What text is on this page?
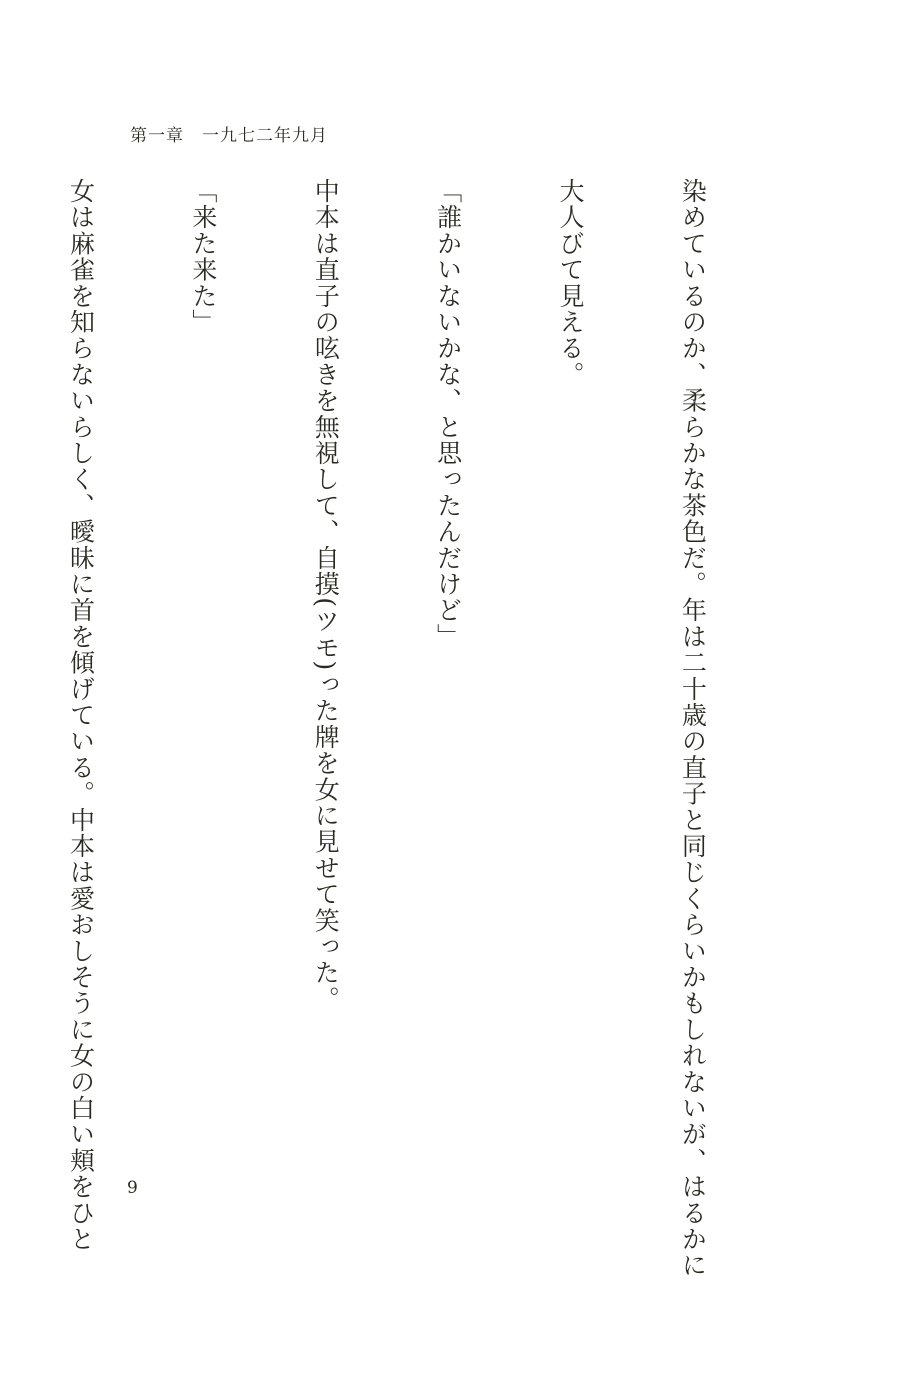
第一章　一九七二年九月

染めているのか、柔らかな茶色だ。年は二十歳の直子と同じくらいかもしれないが、はるかに

大人びて見える。

「誰かいないかな、と思ったんだけど」

中本は直子の呟きを無視して、自摸(ツモ)った牌を女に見せて笑った。

「来た来た」

女は麻雀を知らないらしく、曖昧に首を傾げている。中本は愛おしそうに女の白い頬をひと

9
